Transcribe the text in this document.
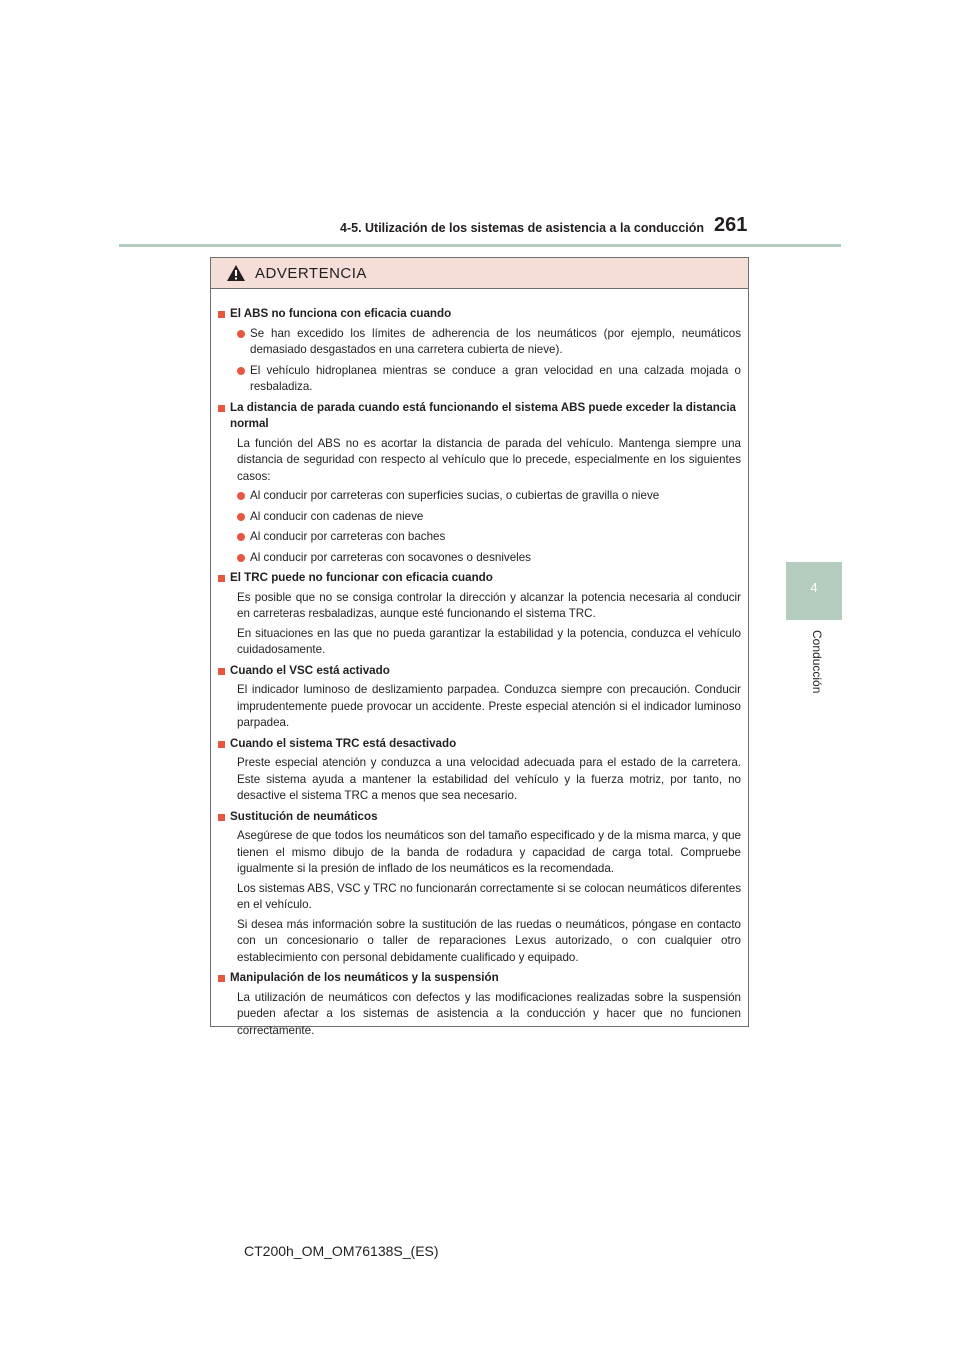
4-5. Utilización de los sistemas de asistencia a la conducción 261
4
Conducción
ADVERTENCIA
El ABS no funciona con eficacia cuando
Se han excedido los límites de adherencia de los neumáticos (por ejemplo, neumáticos demasiado desgastados en una carretera cubierta de nieve).
El vehículo hidroplanea mientras se conduce a gran velocidad en una calzada mojada o resbaladiza.
La distancia de parada cuando está funcionando el sistema ABS puede exceder la distancia normal
La función del ABS no es acortar la distancia de parada del vehículo. Mantenga siempre una distancia de seguridad con respecto al vehículo que lo precede, especialmente en los siguientes casos:
Al conducir por carreteras con superficies sucias, o cubiertas de gravilla o nieve
Al conducir con cadenas de nieve
Al conducir por carreteras con baches
Al conducir por carreteras con socavones o desniveles
El TRC puede no funcionar con eficacia cuando
Es posible que no se consiga controlar la dirección y alcanzar la potencia necesaria al conducir en carreteras resbaladizas, aunque esté funcionando el sistema TRC.
En situaciones en las que no pueda garantizar la estabilidad y la potencia, conduzca el vehículo cuidadosamente.
Cuando el VSC está activado
El indicador luminoso de deslizamiento parpadea. Conduzca siempre con precaución. Conducir imprudentemente puede provocar un accidente. Preste especial atención si el indicador luminoso parpadea.
Cuando el sistema TRC está desactivado
Preste especial atención y conduzca a una velocidad adecuada para el estado de la carretera. Este sistema ayuda a mantener la estabilidad del vehículo y la fuerza motriz, por tanto, no desactive el sistema TRC a menos que sea necesario.
Sustitución de neumáticos
Asegúrese de que todos los neumáticos son del tamaño especificado y de la misma marca, y que tienen el mismo dibujo de la banda de rodadura y capacidad de carga total. Compruebe igualmente si la presión de inflado de los neumáticos es la recomendada.
Los sistemas ABS, VSC y TRC no funcionarán correctamente si se colocan neumáticos diferentes en el vehículo.
Si desea más información sobre la sustitución de las ruedas o neumáticos, póngase en contacto con un concesionario o taller de reparaciones Lexus autorizado, o con cualquier otro establecimiento con personal debidamente cualificado y equipado.
Manipulación de los neumáticos y la suspensión
La utilización de neumáticos con defectos y las modificaciones realizadas sobre la suspensión pueden afectar a los sistemas de asistencia a la conducción y hacer que no funcionen correctamente.
CT200h_OM_OM76138S_(ES)
